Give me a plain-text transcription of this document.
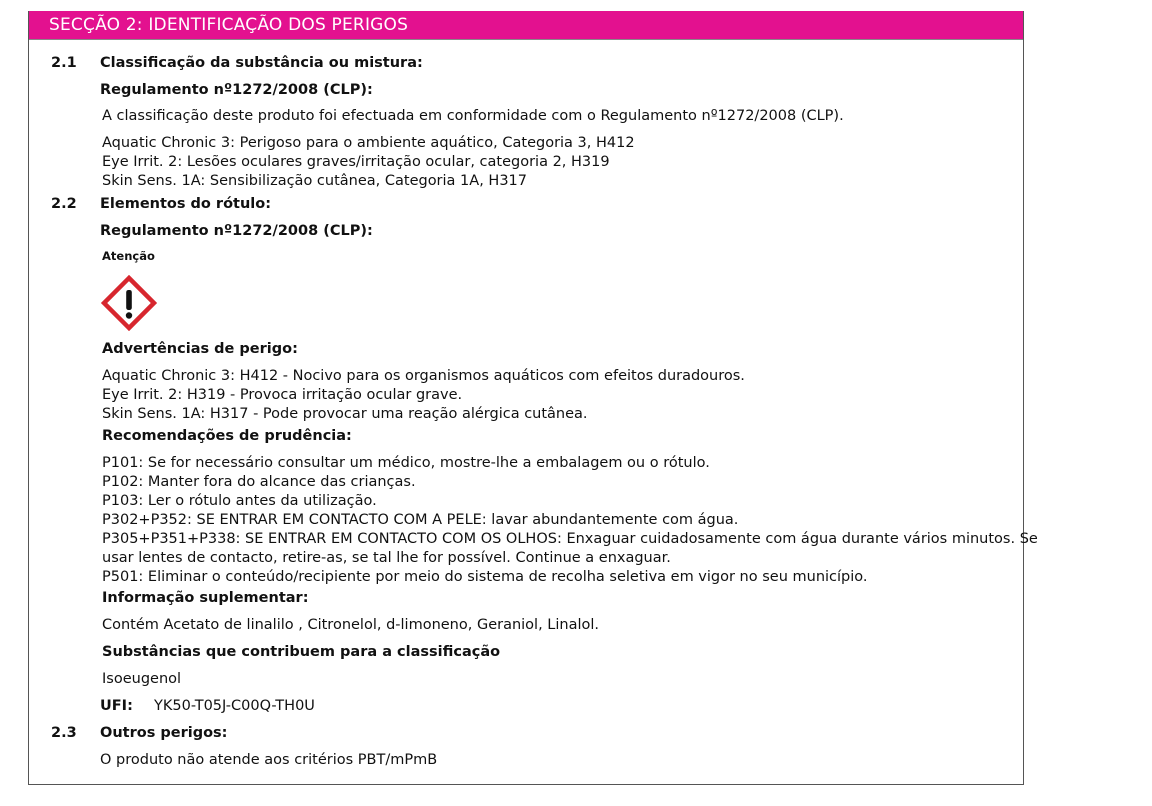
SECÇÃO 2: IDENTIFICAÇÃO DOS PERIGOS
2.1 Classificação da substância ou mistura:
Regulamento nº1272/2008 (CLP):
A classificação deste produto foi efectuada em conformidade com o Regulamento nº1272/2008 (CLP).
Aquatic Chronic 3: Perigoso para o ambiente aquático, Categoria 3, H412
Eye Irrit. 2: Lesões oculares graves/irritação ocular, categoria 2, H319
Skin Sens. 1A: Sensibilização cutânea, Categoria 1A, H317
2.2 Elementos do rótulo:
Regulamento nº1272/2008 (CLP):
Atenção
Advertências de perigo:
Aquatic Chronic 3: H412 - Nocivo para os organismos aquáticos com efeitos duradouros.
Eye Irrit. 2: H319 - Provoca irritação ocular grave.
Skin Sens. 1A: H317 - Pode provocar uma reação alérgica cutânea.
Recomendações de prudência:
P101: Se for necessário consultar um médico, mostre-lhe a embalagem ou o rótulo.
P102: Manter fora do alcance das crianças.
P103: Ler o rótulo antes da utilização.
P302+P352: SE ENTRAR EM CONTACTO COM A PELE: lavar abundantemente com água.
P305+P351+P338: SE ENTRAR EM CONTACTO COM OS OLHOS: Enxaguar cuidadosamente com água durante vários minutos. Se
usar lentes de contacto, retire-as, se tal lhe for possível. Continue a enxaguar.
P501: Eliminar o conteúdo/recipiente por meio do sistema de recolha seletiva em vigor no seu município.
Informação suplementar:
Contém Acetato de linalilo , Citronelol, d-limoneno, Geraniol, Linalol.
Substâncias que contribuem para a classificação
Isoeugenol
UFI: YK50-T05J-C00Q-TH0U
2.3 Outros perigos:
O produto não atende aos critérios PBT/mPmB
